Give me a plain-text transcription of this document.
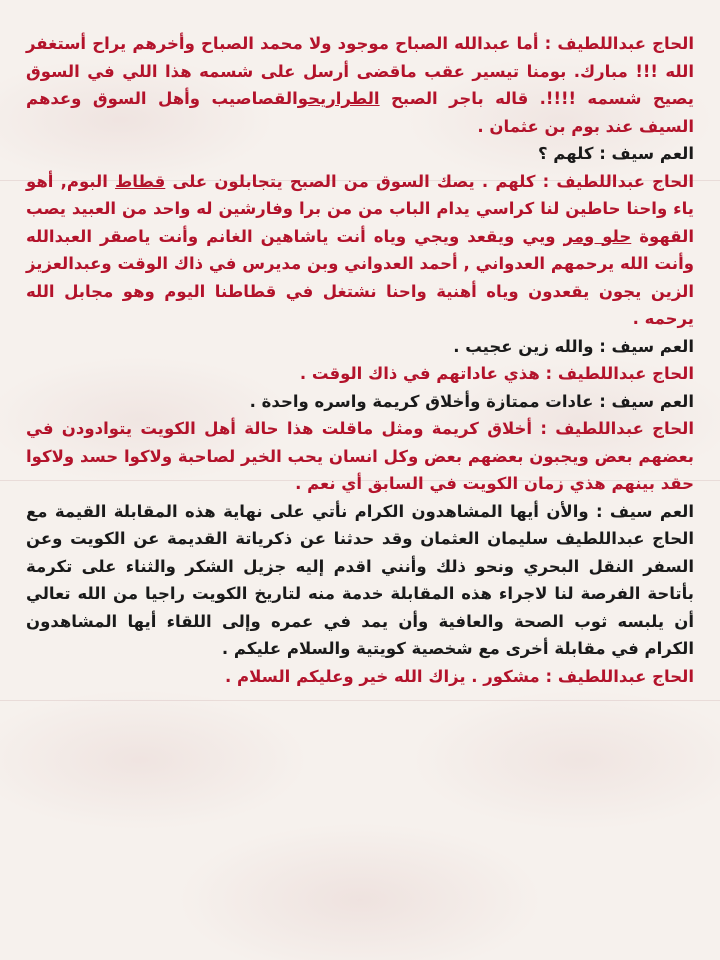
الحاج عبداللطيف : أما عبدالله الصباح موجود ولا محمد الصباح وأخرهم يراح أستغفر الله !!! مبارك. بومنا تيسير عقب ماقضى أرسل على شسمه هذا اللي في السوق يصيح شسمه !!!!. قاله باجر الصبح الطراريحوالقصاصيب وأهل السوق وعدهم السيف عند بوم بن عثمان .

العم سيف : كلهم ؟

الحاج عبداللطيف : كلهم . يصك السوق من الصبح يتجابلون على قطاط البوم, أهو ياء واحنا حاطين لنا كراسي يدام الباب من من برا وفارشين له واحد من العبيد يصب القهوة حلو ومر ويي ويقعد ويجي وياه أنت ياشاهين الغانم وأنت ياصقر العبدالله وأنت الله يرحمهم العدواني , أحمد العدواني وبن مديرس في ذاك الوقت وعبدالعزيز الزين يجون يقعدون وياه أهنية واحنا نشتغل في قطاطنا اليوم وهو مجابل الله يرحمه .

العم سيف : والله زين عجيب .

الحاج عبداللطيف : هذي عاداتهم في ذاك الوقت .

العم سيف : عادات ممتازة وأخلاق كريمة واسره واحدة .

الحاج عبداللطيف : أخلاق كريمة ومثل ماقلت هذا حالة أهل الكويت يتوادودن في بعضهم بعض ويجبون بعضهم بعض وكل انسان يحب الخير لصاحبة ولاكوا حسد ولاكوا حقد بينهم هذي زمان الكويت في السابق أي نعم .

العم سيف : والأن أيها المشاهدون الكرام نأتي على نهاية هذه المقابلة القيمة مع الحاج عبداللطيف سليمان العثمان وقد حدثنا عن ذكرياتة القديمة عن الكويت وعن السفر النقل البحري ونحو ذلك وأنني اقدم إليه جزيل الشكر والثناء على تكرمة بأتاحة الفرصة لنا لاجراء هذه المقابلة خدمة منه لتاريخ الكويت راجيا من الله تعالي أن يلبسه ثوب الصحة والعافية وأن يمد في عمره وإلى اللقاء أيها المشاهدون الكرام في مقابلة أخرى مع شخصية كويتية والسلام عليكم .

الحاج عبداللطيف : مشكور . يزاك الله خير وعليكم السلام .
